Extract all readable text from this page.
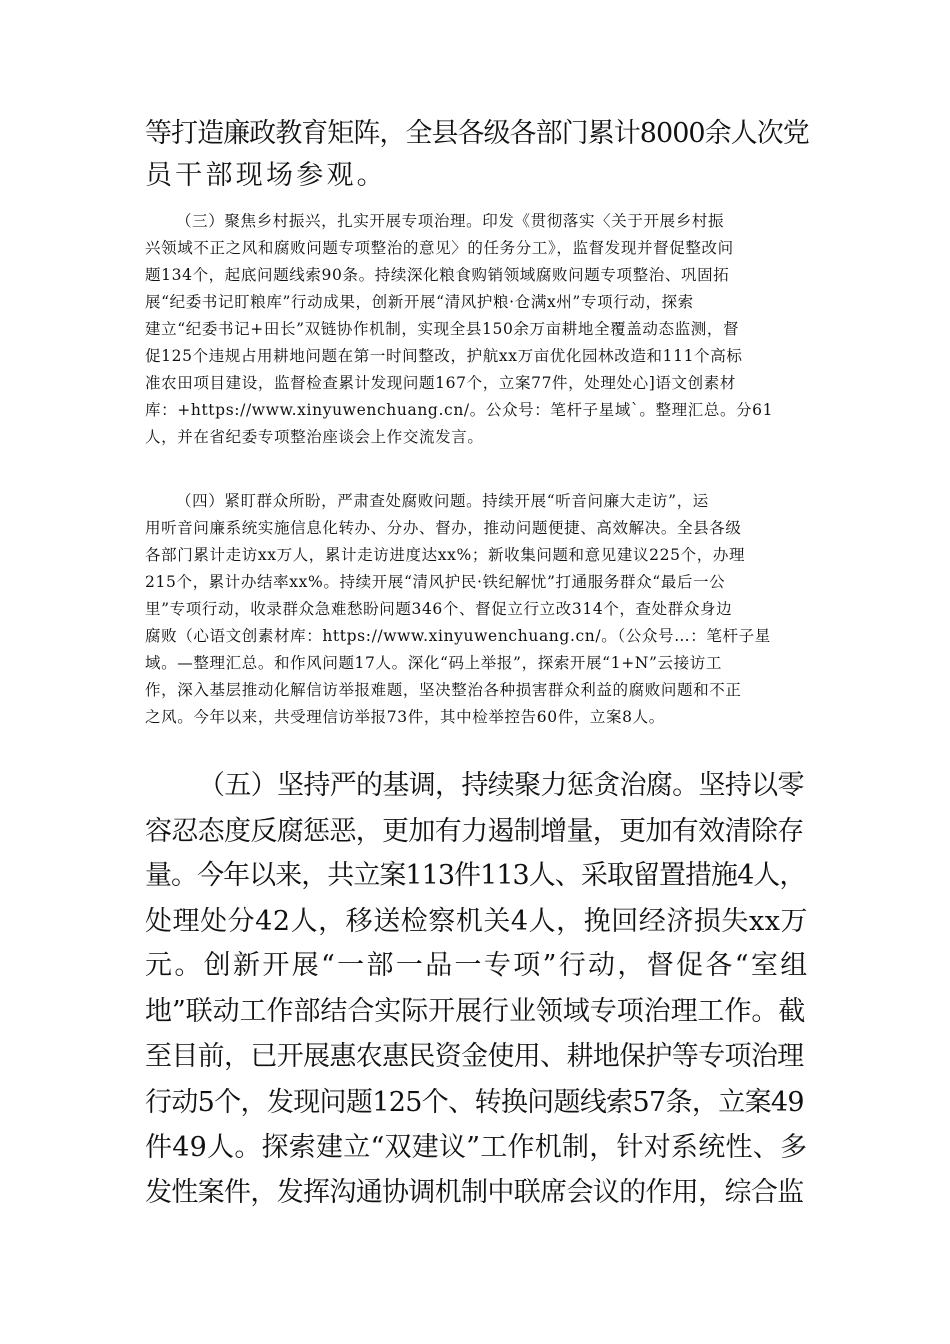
等打造廉政教育矩阵，全县各级各部门累计8000余人次党
员干部现场参观。
（三）聚焦乡村振兴，扎实开展专项治理。印发《贯彻落实〈关于开展乡村振
兴领域不正之风和腐败问题专项整治的意见〉的任务分工》，监督发现并督促整改问
题134个，起底问题线索90条。持续深化粮食购销领域腐败问题专项整治、巩固拓
展“纪委书记盯粮库”行动成果，创新开展“清风护粮·仓满x州”专项行动，探索
建立“纪委书记+田长”双链协作机制，实现全县150余万亩耕地全覆盖动态监测，督
促125个违规占用耕地问题在第一时间整改，护航xx万亩优化园林改造和111个高标
准农田项目建设，监督检查累计发现问题167个，立案77件，处理处心]语文创素材
库：+https://www.xinyuwenchuang.cn/。公众号：笔杆子星域`。整理汇总。分61
人，并在省纪委专项整治座谈会上作交流发言。
（四）紧盯群众所盼，严肃查处腐败问题。持续开展“听音问廉大走访”，运
用听音问廉系统实施信息化转办、分办、督办，推动问题便捷、高效解决。全县各级
各部门累计走访xx万人，累计走访进度达xx%；新收集问题和意见建议225个，办理
215个，累计办结率xx%。持续开展“清风护民·铁纪解忧”打通服务群众“最后一公
里”专项行动，收录群众急难愁盼问题346个、督促立行立改314个，查处群众身边
腐败（心语文创素材库：https://www.xinyuwenchuang.cn/。（公众号…：笔杆子星
域。—整理汇总。和作风问题17人。深化“码上举报”，探索开展“1+N”云接访工
作，深入基层推动化解信访举报难题，坚决整治各种损害群众利益的腐败问题和不正
之风。今年以来，共受理信访举报73件，其中检举控告60件，立案8人。
（五）坚持严的基调，持续聚力惩贪治腐。坚持以零
容忍态度反腐惩恶，更加有力遏制增量，更加有效清除存
量。今年以来，共立案113件113人、采取留置措施4人，
处理处分42人，移送检察机关4人，挽回经济损失xx万
元。创新开展“一部一品一专项”行动，督促各“室组
地”联动工作部结合实际开展行业领域专项治理工作。截
至目前，已开展惠农惠民资金使用、耕地保护等专项治理
行动5个，发现问题125个、转换问题线索57条，立案49
件49人。探索建立“双建议”工作机制，针对系统性、多
发性案件，发挥沟通协调机制中联席会议的作用，综合监
